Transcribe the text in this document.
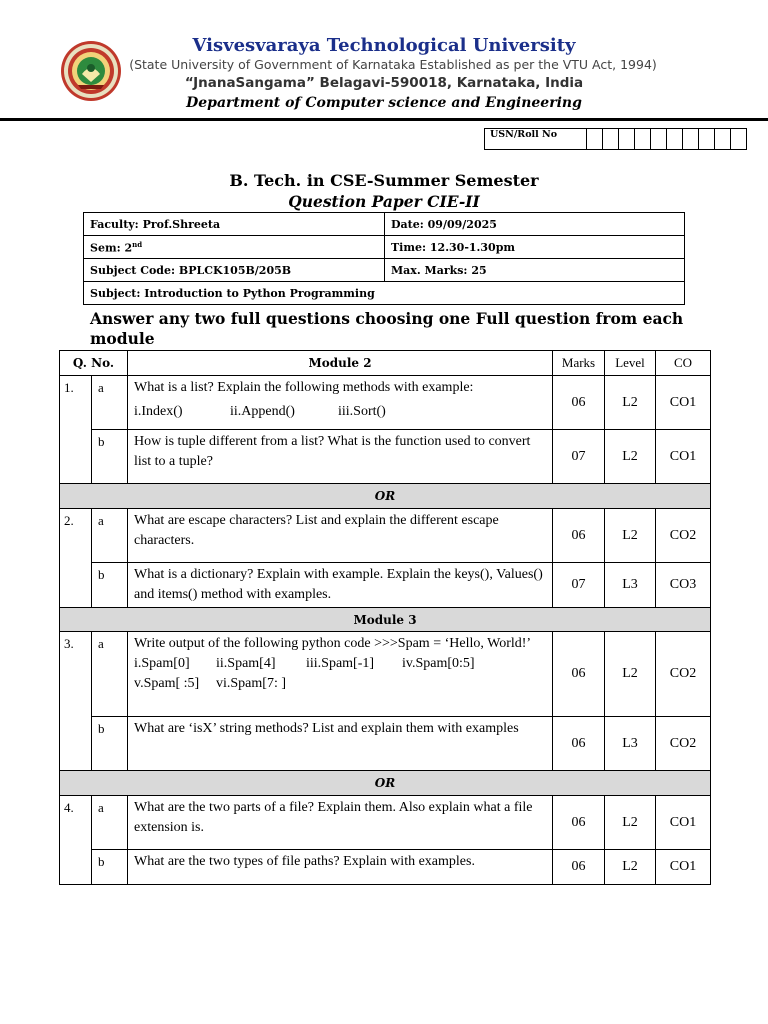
Visvesvaraya Technological University
(State University of Government of Karnataka Established as per the VTU Act, 1994)
“JnanaSangama” Belagavi-590018, Karnataka, India
Department of Computer science and Engineering
USN/Roll No										
B. Tech. in CSE-Summer Semester
Question Paper CIE-II
Faculty: Prof.Shreeta	Date: 09/09/2025
Sem: 2nd	Time: 12.30-1.30pm
Subject Code: BPLCK105B/205B	Max. Marks: 25
Subject: Introduction to Python Programming	
Answer any two full questions choosing one Full question from each module
Q. No.		Module 2	Marks	Level	CO
1.	a	What is a list? Explain the following methods with example:
i.Index() ii.Append() iii.Sort()	06	L2	CO1
	b	How is tuple different from a list? What is the function used to convert list to a tuple?	07	L2	CO1
OR					
2.	a	What are escape characters? List and explain the different escape characters.	06	L2	CO2
	b	What is a dictionary? Explain with example. Explain the keys(), Values() and items() method with examples.	07	L3	CO3
Module 3					
3.	a	Write output of the following python code >>>Spam = ‘Hello, World!’
i.Spam[0] ii.Spam[4] iii.Spam[-1] iv.Spam[0:5]
v.Spam[ :5] vi.Spam[7: ]	06	L2	CO2
	b	What are ‘isX’ string methods? List and explain them with examples	06	L3	CO2
OR					
4.	a	What are the two parts of a file? Explain them. Also explain what a file extension is.	06	L2	CO1
	b	What are the two types of file paths? Explain with examples.	06	L2	CO1
